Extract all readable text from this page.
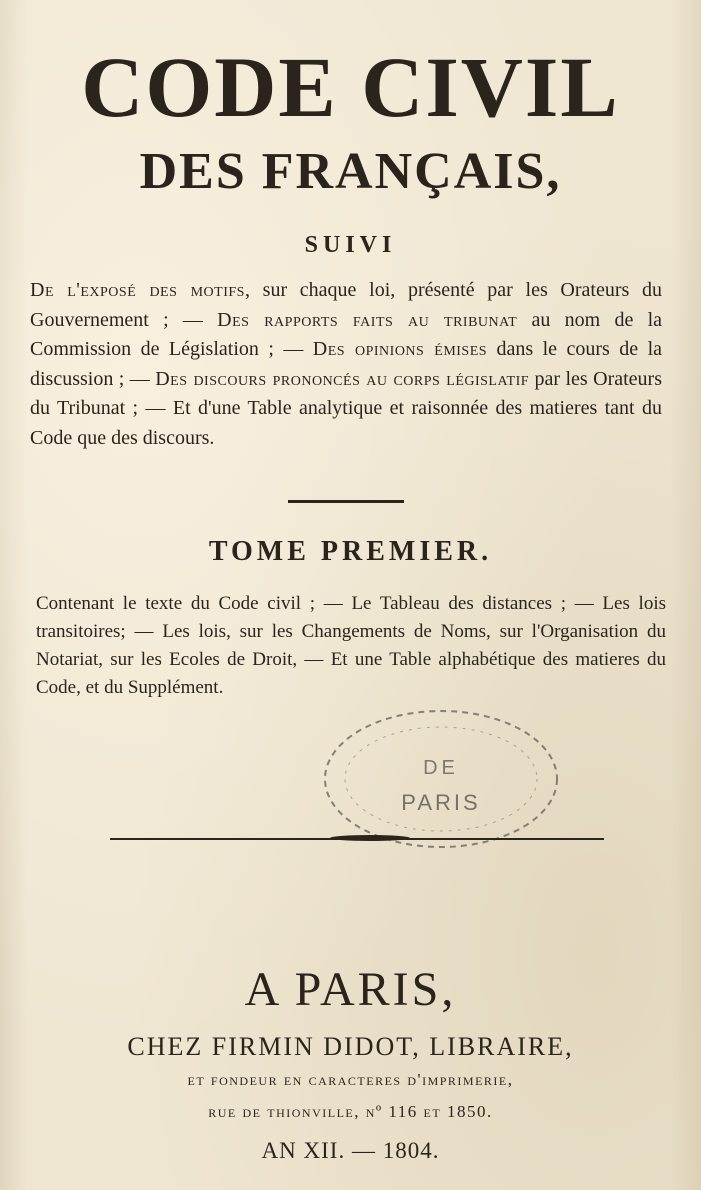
CODE CIVIL
DES FRANÇAIS,
SUIVI
De l'exposé des motifs, sur chaque loi, présenté par les Orateurs du Gouvernement ; — Des rapports faits au tribunat au nom de la Commission de Législation ; — Des opinions émises dans le cours de la discussion ; — Des discours prononcés au corps législatif par les Orateurs du Tribunat ; — Et d'une Table analytique et raisonnée des matieres tant du Code que des discours.
TOME PREMIER.
Contenant le texte du Code civil ; — Le Tableau des distances ; — Les lois transitoires; — Les lois, sur les Changements de Noms, sur l'Organisation du Notariat, sur les Ecoles de Droit, — Et une Table alphabétique des matieres du Code, et du Supplément.
DE
PARIS
A PARIS,
CHEZ FIRMIN DIDOT, LIBRAIRE,
et fondeur en caracteres d'imprimerie,
rue de thionville, nº 116 et 1850.
AN XII. — 1804.
